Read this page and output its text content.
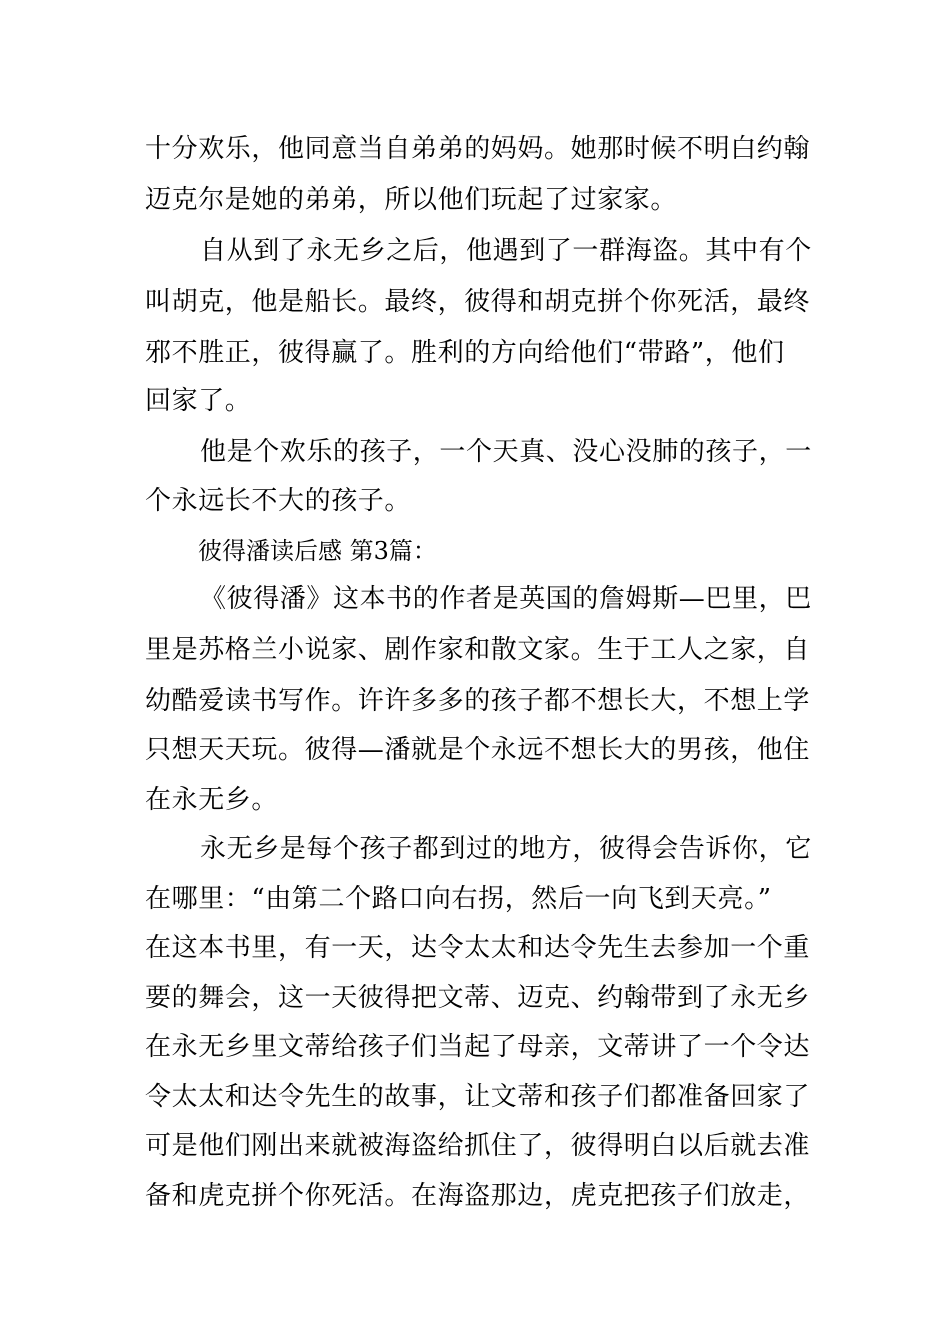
十分欢乐，他同意当自弟弟的妈妈。她那时候不明白约翰
迈克尔是她的弟弟，所以他们玩起了过家家。
自从到了永无乡之后，他遇到了一群海盗。其中有个
叫胡克，他是船长。最终，彼得和胡克拼个你死活，最终
邪不胜正，彼得赢了。胜利的方向给他们“带路”，他们
回家了。
他是个欢乐的孩子，一个天真、没心没肺的孩子，一
个永远长不大的孩子。
彼得潘读后感 第3篇：
《彼得潘》这本书的作者是英国的詹姆斯—巴里，巴
里是苏格兰小说家、剧作家和散文家。生于工人之家，自
幼酷爱读书写作。许许多多的孩子都不想长大，不想上学
只想天天玩。彼得—潘就是个永远不想长大的男孩，他住
在永无乡。
永无乡是每个孩子都到过的地方，彼得会告诉你，它
在哪里：“由第二个路口向右拐，然后一向飞到天亮。”
在这本书里，有一天，达令太太和达令先生去参加一个重
要的舞会，这一天彼得把文蒂、迈克、约翰带到了永无乡
在永无乡里文蒂给孩子们当起了母亲，文蒂讲了一个令达
令太太和达令先生的故事，让文蒂和孩子们都准备回家了
可是他们刚出来就被海盗给抓住了，彼得明白以后就去准
备和虎克拼个你死活。在海盗那边，虎克把孩子们放走，
